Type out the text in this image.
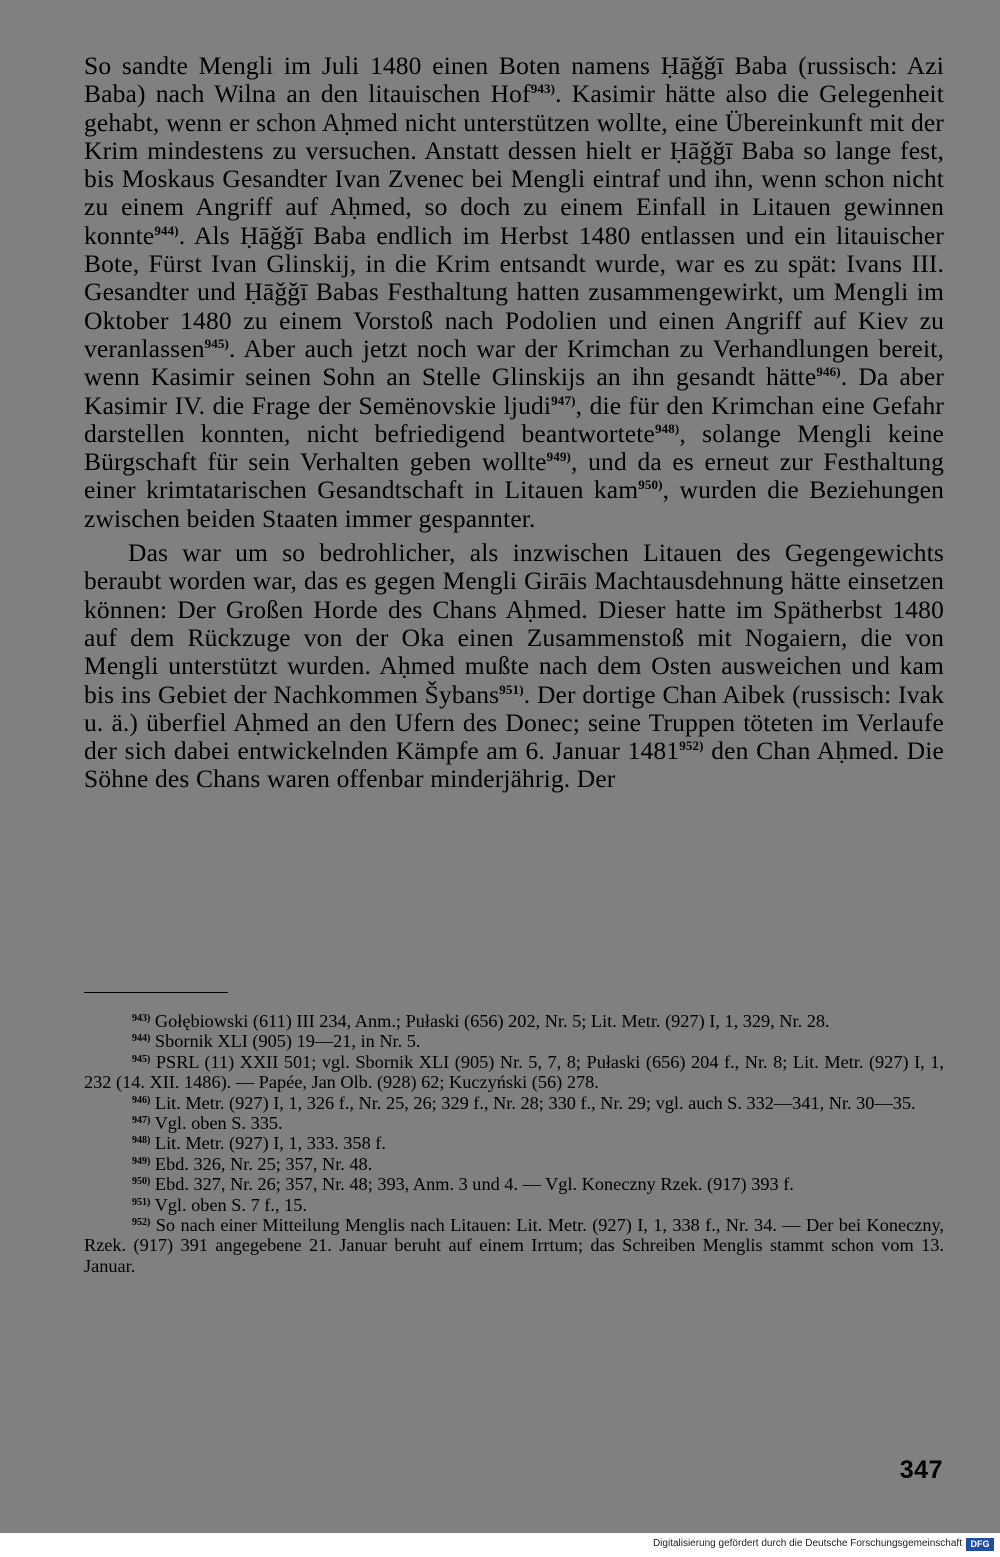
So sandte Mengli im Juli 1480 einen Boten namens Ḥāǧǧī Baba (russisch: Azi Baba) nach Wilna an den litauischen Hof$^{943)}$. Kasimir hätte also die Gelegenheit gehabt, wenn er schon Aḥmed nicht unterstützen wollte, eine Übereinkunft mit der Krim mindestens zu versuchen. Anstatt dessen hielt er Ḥāǧǧī Baba so lange fest, bis Moskaus Gesandter Ivan Zvenec bei Mengli eintraf und ihn, wenn schon nicht zu einem Angriff auf Aḥmed, so doch zu einem Einfall in Litauen gewinnen konnte$^{944)}$. Als Ḥāǧǧī Baba endlich im Herbst 1480 entlassen und ein litauischer Bote, Fürst Ivan Glinskij, in die Krim entsandt wurde, war es zu spät: Ivans III. Gesandter und Ḥāǧǧī Babas Festhaltung hatten zusammengewirkt, um Mengli im Oktober 1480 zu einem Vorstoß nach Podolien und einen Angriff auf Kiev zu veranlassen$^{945)}$. Aber auch jetzt noch war der Krimchan zu Verhandlungen bereit, wenn Kasimir seinen Sohn an Stelle Glinskijs an ihn gesandt hätte$^{946)}$. Da aber Kasimir IV. die Frage der Semënovskie ljudi$^{947)}$, die für den Krimchan eine Gefahr darstellen konnten, nicht befriedigend beantwortete$^{948)}$, solange Mengli keine Bürgschaft für sein Verhalten geben wollte$^{949)}$, und da es erneut zur Festhaltung einer krimtatarischen Gesandtschaft in Litauen kam$^{950)}$, wurden die Beziehungen zwischen beiden Staaten immer gespannter.

Das war um so bedrohlicher, als inzwischen Litauen des Gegengewichts beraubt worden war, das es gegen Mengli Girāis Machtausdehnung hätte einsetzen können: Der Großen Horde des Chans Aḥmed. Dieser hatte im Spätherbst 1480 auf dem Rückzuge von der Oka einen Zusammenstoß mit Nogaiern, die von Mengli unterstützt wurden. Aḥmed mußte nach dem Osten ausweichen und kam bis ins Gebiet der Nachkommen Šybans$^{951)}$. Der dortige Chan Aibek (russisch: Ivak u. ä.) überfiel Aḥmed an den Ufern des Donec; seine Truppen töteten im Verlaufe der sich dabei entwickelnden Kämpfe am 6. Januar 1481$^{952)}$ den Chan Aḥmed. Die Söhne des Chans waren offenbar minderjährig. Der

$^{943)}$ Gołębiowski (611) III 234, Anm.; Pułaski (656) 202, Nr. 5; Lit. Metr. (927) I, 1, 329, Nr. 28.

$^{944)}$ Sbornik XLI (905) 19—21, in Nr. 5.

$^{945)}$ PSRL (11) XXII 501; vgl. Sbornik XLI (905) Nr. 5, 7, 8; Pułaski (656) 204 f., Nr. 8; Lit. Metr. (927) I, 1, 232 (14. XII. 1486). — Papée, Jan Olb. (928) 62; Kuczyński (56) 278.

$^{946)}$ Lit. Metr. (927) I, 1, 326 f., Nr. 25, 26; 329 f., Nr. 28; 330 f., Nr. 29; vgl. auch S. 332—341, Nr. 30—35.

$^{947)}$ Vgl. oben S. 335.

$^{948)}$ Lit. Metr. (927) I, 1, 333. 358 f.

$^{949)}$ Ebd. 326, Nr. 25; 357, Nr. 48.

$^{950)}$ Ebd. 327, Nr. 26; 357, Nr. 48; 393, Anm. 3 und 4. — Vgl. Koneczny Rzek. (917) 393 f.

$^{951)}$ Vgl. oben S. 7 f., 15.

$^{952)}$ So nach einer Mitteilung Menglis nach Litauen: Lit. Metr. (927) I, 1, 338 f., Nr. 34. — Der bei Koneczny, Rzek. (917) 391 angegebene 21. Januar beruht auf einem Irrtum; das Schreiben Menglis stammt schon vom 13. Januar.

347
Digitalisierung gefördert durch die Deutsche Forschungsgemeinschaft DFG
